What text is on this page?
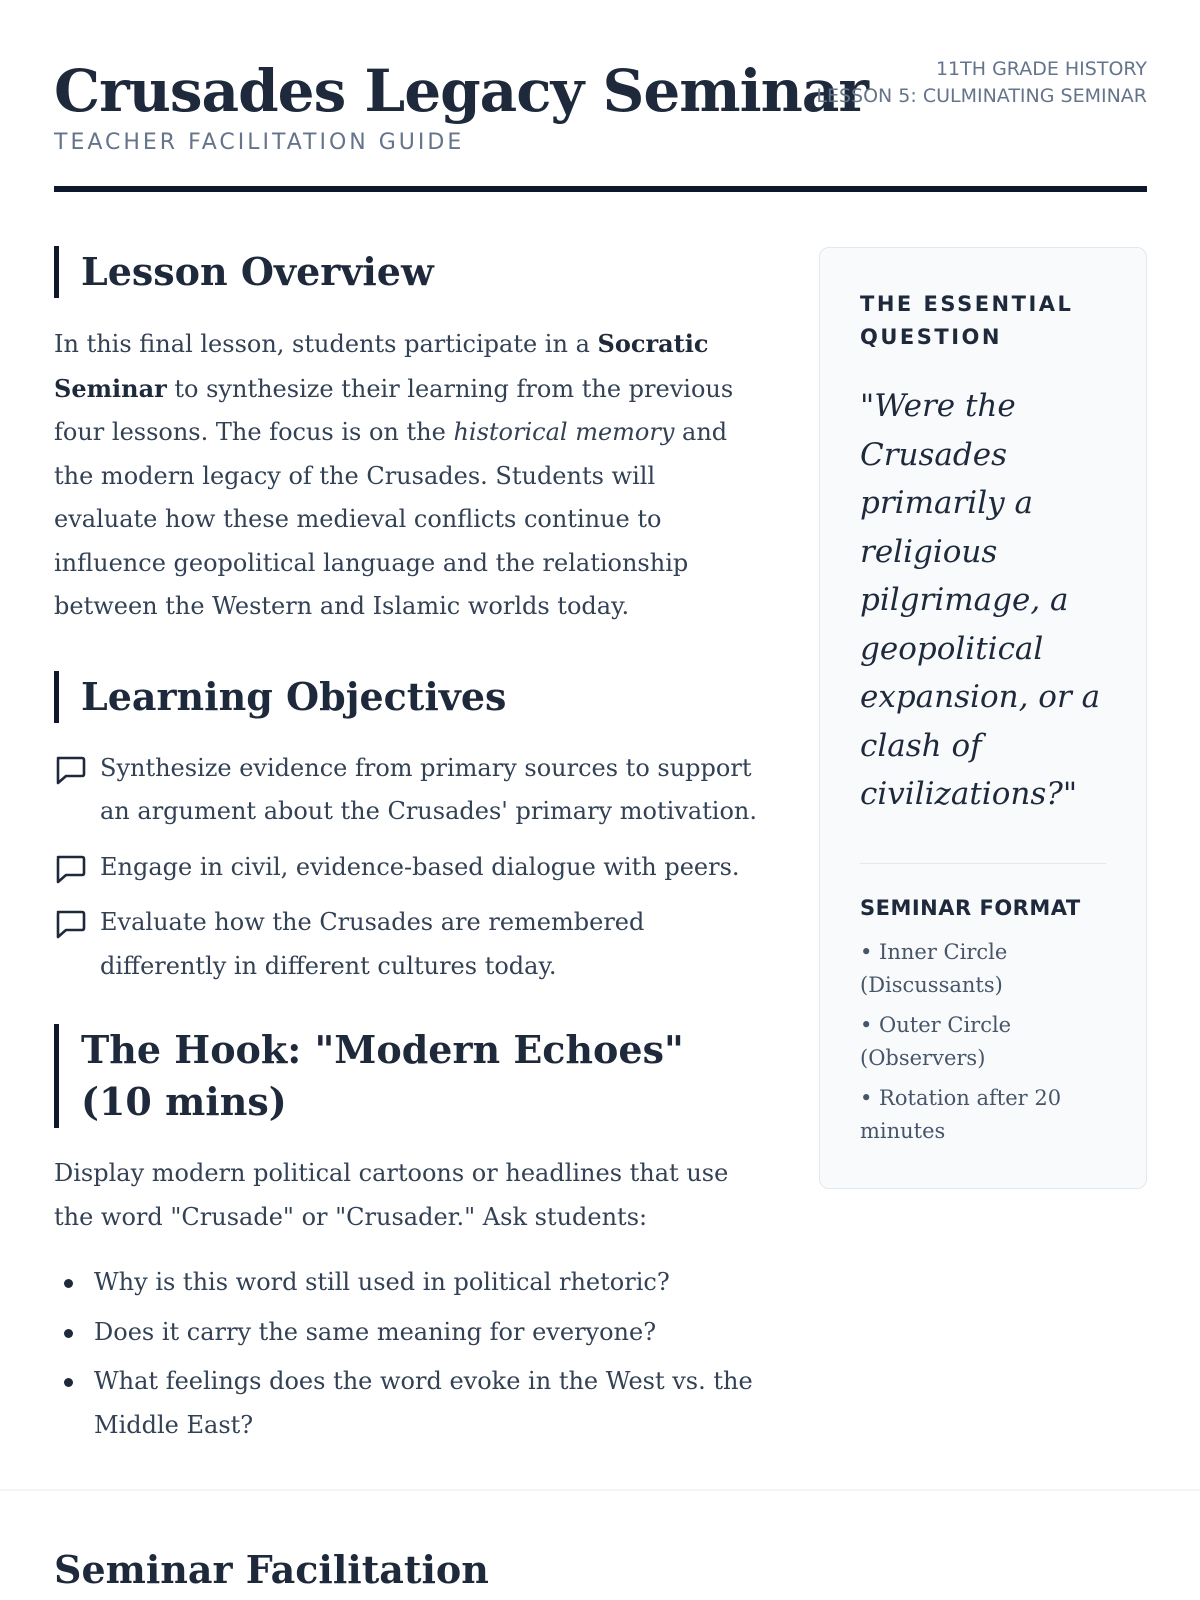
Crusades Legacy Seminar
TEACHER FACILITATION GUIDE
11TH GRADE HISTORY
LESSON 5: CULMINATING SEMINAR
Lesson Overview

In this final lesson, students participate in a Socratic Seminar to synthesize their learning from the previous four lessons. The focus is on the historical memory and the modern legacy of the Crusades. Students will evaluate how these medieval conflicts continue to influence geopolitical language and the relationship between the Western and Islamic worlds today.

Learning Objectives
Synthesize evidence from primary sources to support an argument about the Crusades' primary motivation.
Engage in civil, evidence-based dialogue with peers.
Evaluate how the Crusades are remembered differently in different cultures today.
The Hook: "Modern Echoes" (10 mins)

Display modern political cartoons or headlines that use the word "Crusade" or "Crusader." Ask students:

Why is this word still used in political rhetoric?
Does it carry the same meaning for everyone?
What feelings does the word evoke in the West vs. the Middle East?
THE ESSENTIAL QUESTION
"Were the Crusades primarily a religious pilgrimage, a geopolitical expansion, or a clash of civilizations?"
SEMINAR FORMAT
• Inner Circle (Discussants)
• Outer Circle (Observers)
• Rotation after 20 minutes
Seminar Facilitation
